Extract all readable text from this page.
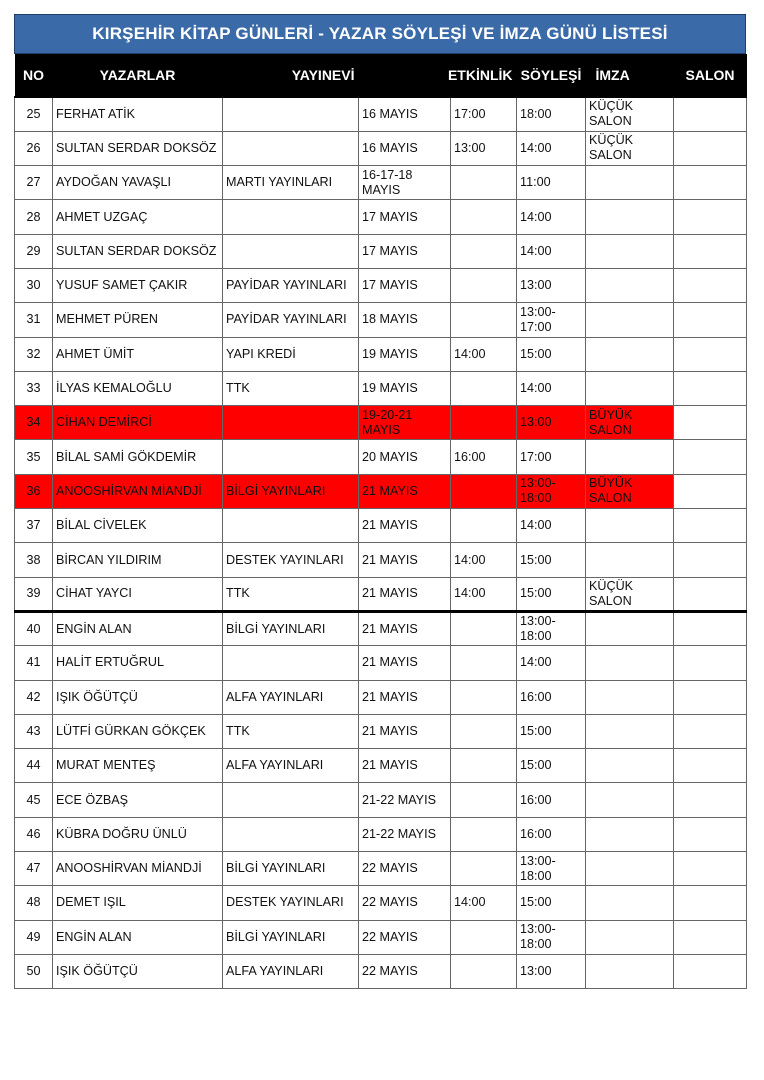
KIRŞEHİR KİTAP GÜNLERİ - YAZAR SÖYLEŞİ VE İMZA GÜNÜ LİSTESİ
NO	YAZARLAR	YAYINEVİ	ETKİNLİK		SÖYLEŞİ	İMZA	SALON
25	FERHAT ATİK		16 MAYIS	17:00	18:00	KÜÇÜK SALON	
26	SULTAN SERDAR DOKSÖZ		16 MAYIS	13:00	14:00	KÜÇÜK SALON	
27	AYDOĞAN YAVAŞLI	MARTI YAYINLARI	16-17-18 MAYIS		11:00		
28	AHMET UZGAÇ		17 MAYIS		14:00		
29	SULTAN SERDAR DOKSÖZ		17 MAYIS		14:00		
30	YUSUF SAMET ÇAKIR	PAYİDAR YAYINLARI	17 MAYIS		13:00		
31	MEHMET PÜREN	PAYİDAR YAYINLARI	18 MAYIS		13:00- 17:00		
32	AHMET ÜMİT	YAPI KREDİ	19 MAYIS	14:00	15:00		
33	İLYAS KEMALOĞLU	TTK	19 MAYIS		14:00		
34	CİHAN DEMİRCİ		19-20-21 MAYIS		13:00	BÜYÜK SALON	
35	BİLAL SAMİ GÖKDEMİR		20 MAYIS	16:00	17:00		
36	ANOOSHİRVAN MİANDJİ	BİLGİ YAYINLARI	21 MAYIS		13:00- 18:00	BÜYÜK SALON	
37	BİLAL CİVELEK		21 MAYIS		14:00		
38	BİRCAN YILDIRIM	DESTEK YAYINLARI	21 MAYIS	14:00	15:00		
39	CİHAT YAYCI	TTK	21 MAYIS	14:00	15:00	KÜÇÜK SALON	
40	ENGİN ALAN	BİLGİ YAYINLARI	21 MAYIS		13:00- 18:00		
41	HALİT ERTUĞRUL		21 MAYIS		14:00		
42	IŞIK ÖĞÜTÇÜ	ALFA YAYINLARI	21 MAYIS		16:00		
43	LÜTFİ GÜRKAN GÖKÇEK	TTK	21 MAYIS		15:00		
44	MURAT MENTEŞ	ALFA YAYINLARI	21 MAYIS		15:00		
45	ECE ÖZBAŞ		21-22 MAYIS		16:00		
46	KÜBRA DOĞRU ÜNLÜ		21-22 MAYIS		16:00		
47	ANOOSHİRVAN MİANDJİ	BİLGİ YAYINLARI	22 MAYIS		13:00- 18:00		
48	DEMET IŞIL	DESTEK YAYINLARI	22 MAYIS	14:00	15:00		
49	ENGİN ALAN	BİLGİ YAYINLARI	22 MAYIS		13:00- 18:00		
50	IŞIK ÖĞÜTÇÜ	ALFA YAYINLARI	22 MAYIS		13:00		
